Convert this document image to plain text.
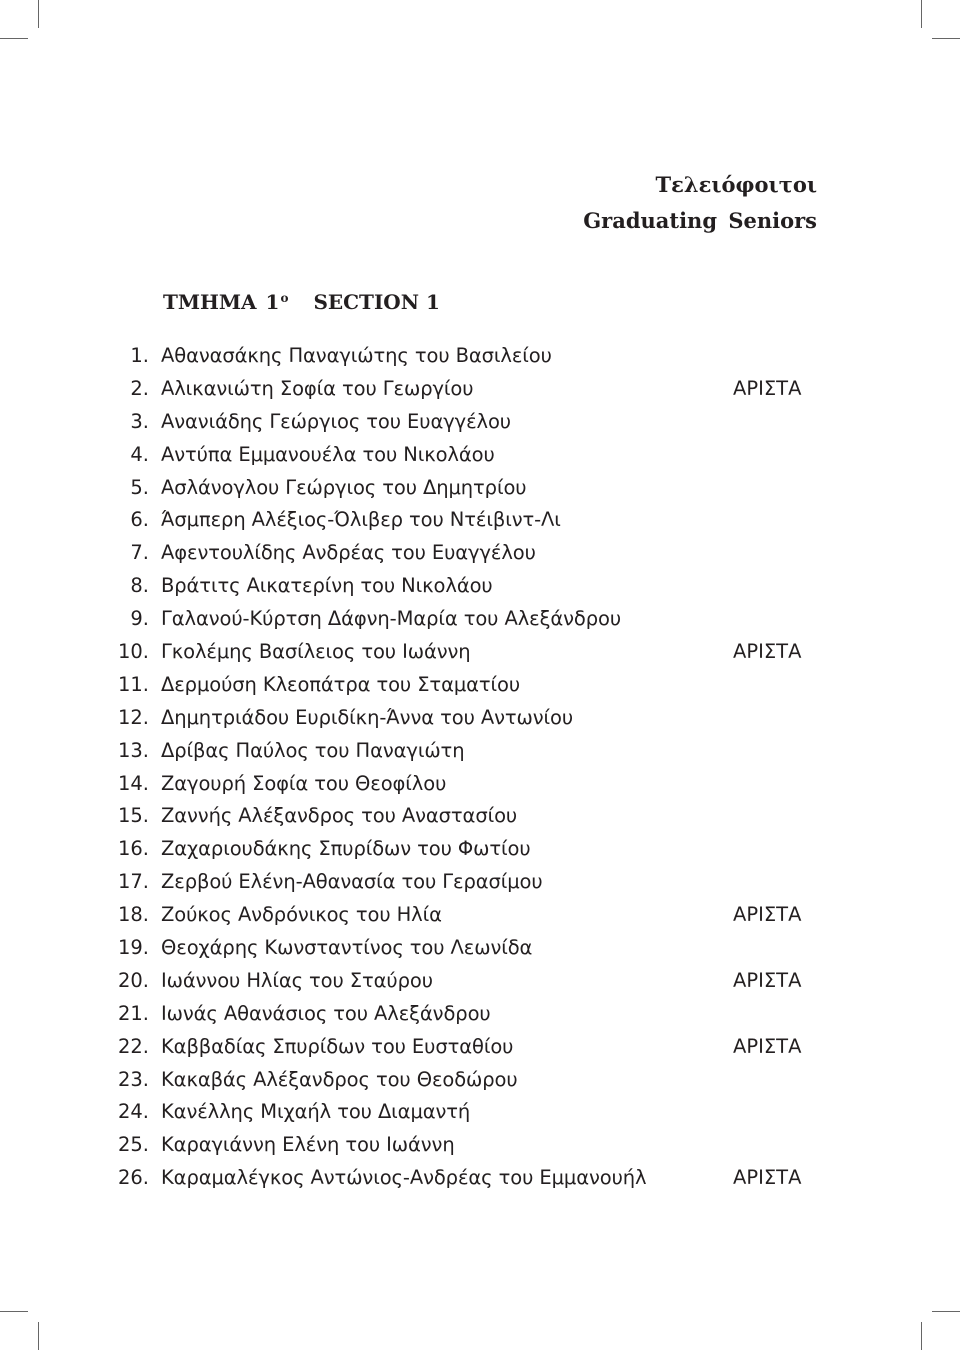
Τελειόφοιτοι
Graduating Seniors
ΤΜΗΜΑ $1^o$ SECTION 1
1. Αθανασάκης Παναγιώτης του Βασιλείου
2. Αλικανιώτη Σοφία του Γεωργίου	ΑΡΙΣΤΑ
3. Ανανιάδης Γεώργιος του Ευαγγέλου
4. Αντύπα Εμμανουέλα του Νικολάου
5. Ασλάνογλου Γεώργιος του Δημητρίου
6. Άσμπερη Αλέξιος-Όλιβερ του Ντέιβιντ-Λι
7. Αφεντουλίδης Ανδρέας του Ευαγγέλου
8. Βράτιτς Αικατερίνη του Νικολάου
9. Γαλανού-Κύρτση Δάφνη-Μαρία του Αλεξάνδρου
10. Γκολέμης Βασίλειος του Ιωάννη	ΑΡΙΣΤΑ
11. Δερμούση Κλεοπάτρα του Σταματίου
12. Δημητριάδου Ευριδίκη-Άννα του Αντωνίου
13. Δρίβας Παύλος του Παναγιώτη
14. Ζαγουρή Σοφία του Θεοφίλου
15. Ζαννής Αλέξανδρος του Αναστασίου
16. Ζαχαριουδάκης Σπυρίδων του Φωτίου
17. Ζερβού Ελένη-Αθανασία του Γερασίμου
18. Ζούκος Ανδρόνικος του Ηλία	ΑΡΙΣΤΑ
19. Θεοχάρης Κωνσταντίνος του Λεωνίδα
20. Ιωάννου Ηλίας του Σταύρου	ΑΡΙΣΤΑ
21. Ιωνάς Αθανάσιος του Αλεξάνδρου
22. Καββαδίας Σπυρίδων του Ευσταθίου	ΑΡΙΣΤΑ
23. Κακαβάς Αλέξανδρος του Θεοδώρου
24. Κανέλλης Μιχαήλ του Διαμαντή
25. Καραγιάννη Ελένη του Ιωάννη
26. Καραμαλέγκος Αντώνιος-Ανδρέας του Εμμανουήλ	ΑΡΙΣΤΑ
